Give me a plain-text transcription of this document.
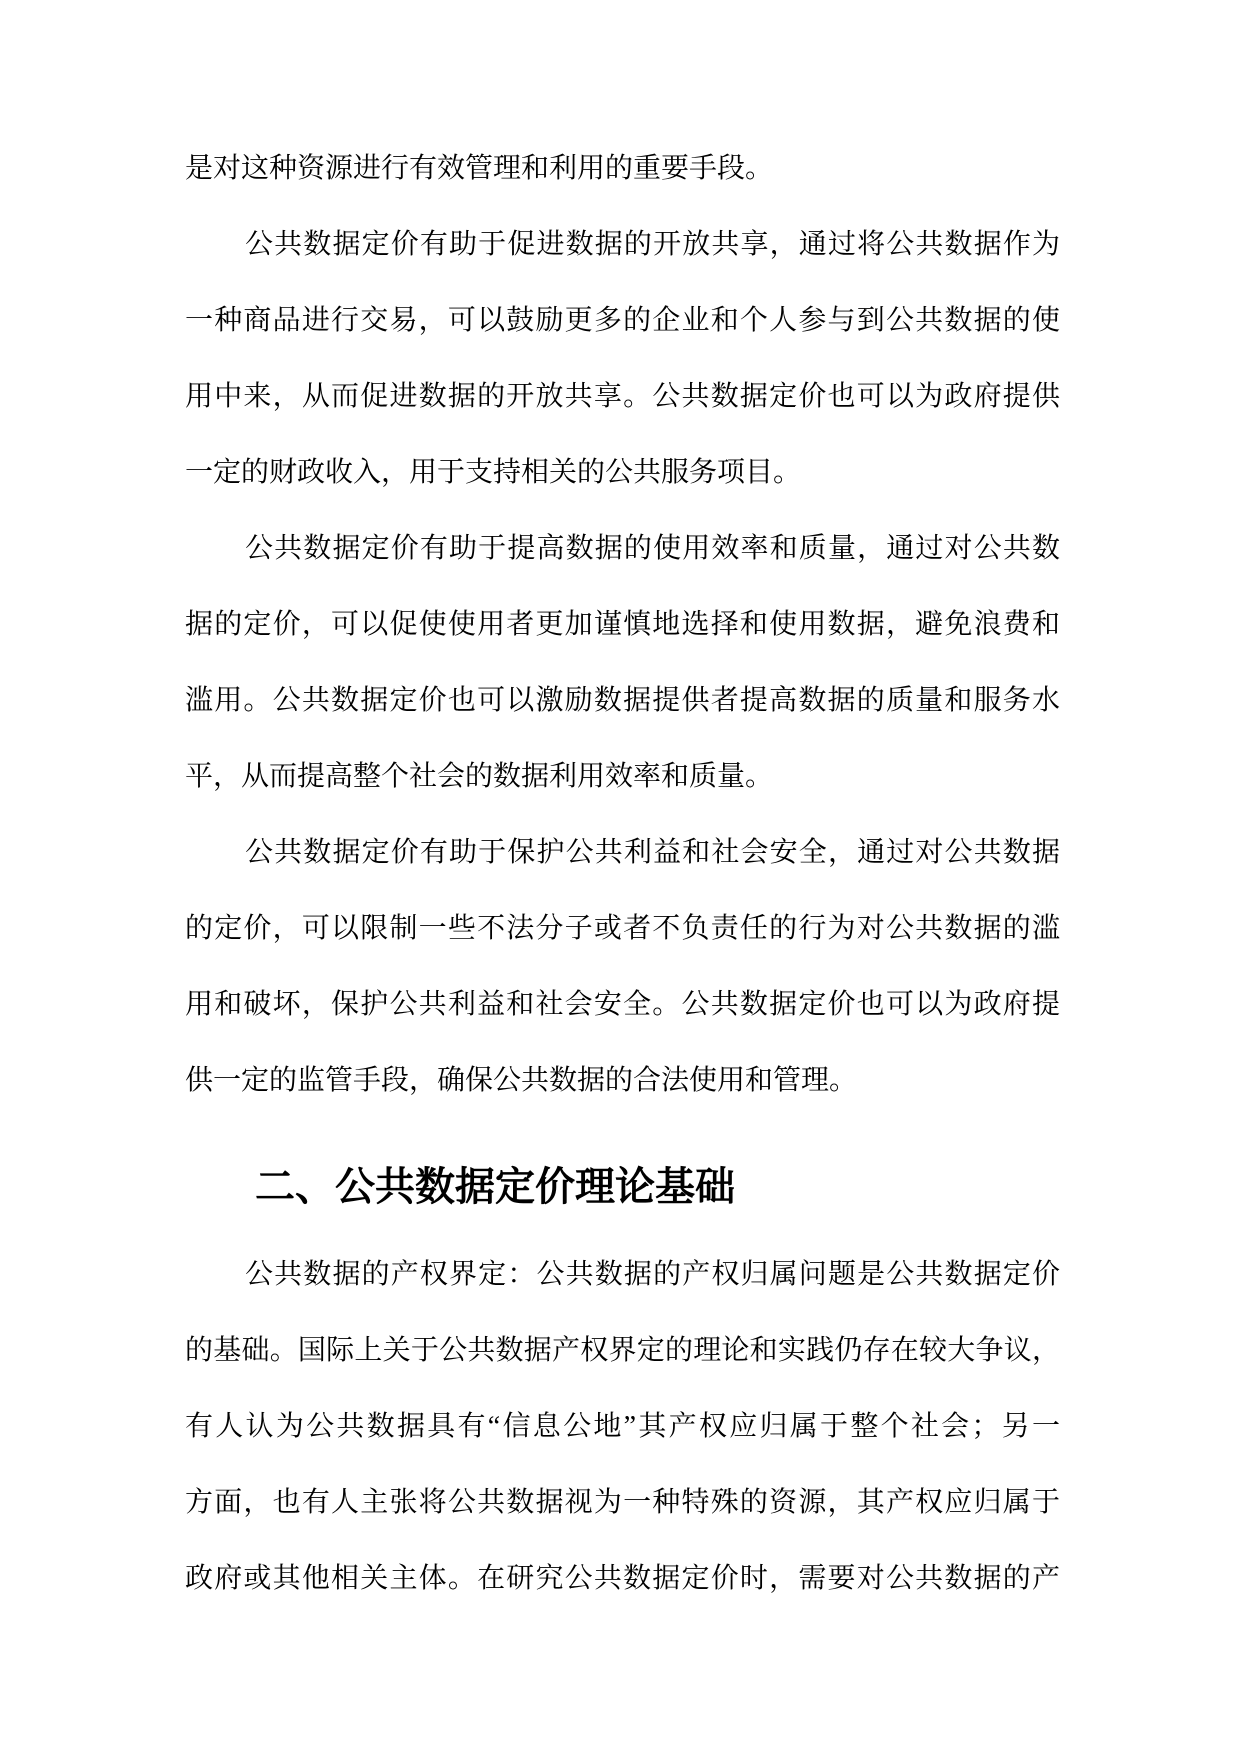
是对这种资源进行有效管理和利用的重要手段。
公共数据定价有助于促进数据的开放共享，通过将公共数据作为
一种商品进行交易，可以鼓励更多的企业和个人参与到公共数据的使
用中来，从而促进数据的开放共享。公共数据定价也可以为政府提供
一定的财政收入，用于支持相关的公共服务项目。
公共数据定价有助于提高数据的使用效率和质量，通过对公共数
据的定价，可以促使使用者更加谨慎地选择和使用数据，避免浪费和
滥用。公共数据定价也可以激励数据提供者提高数据的质量和服务水
平，从而提高整个社会的数据利用效率和质量。
公共数据定价有助于保护公共利益和社会安全，通过对公共数据
的定价，可以限制一些不法分子或者不负责任的行为对公共数据的滥
用和破坏，保护公共利益和社会安全。公共数据定价也可以为政府提
供一定的监管手段，确保公共数据的合法使用和管理。
二、公共数据定价理论基础
公共数据的产权界定：公共数据的产权归属问题是公共数据定价
的基础。国际上关于公共数据产权界定的理论和实践仍存在较大争议，
有人认为公共数据具有“信息公地”其产权应归属于整个社会；另一
方面，也有人主张将公共数据视为一种特殊的资源，其产权应归属于
政府或其他相关主体。在研究公共数据定价时，需要对公共数据的产
